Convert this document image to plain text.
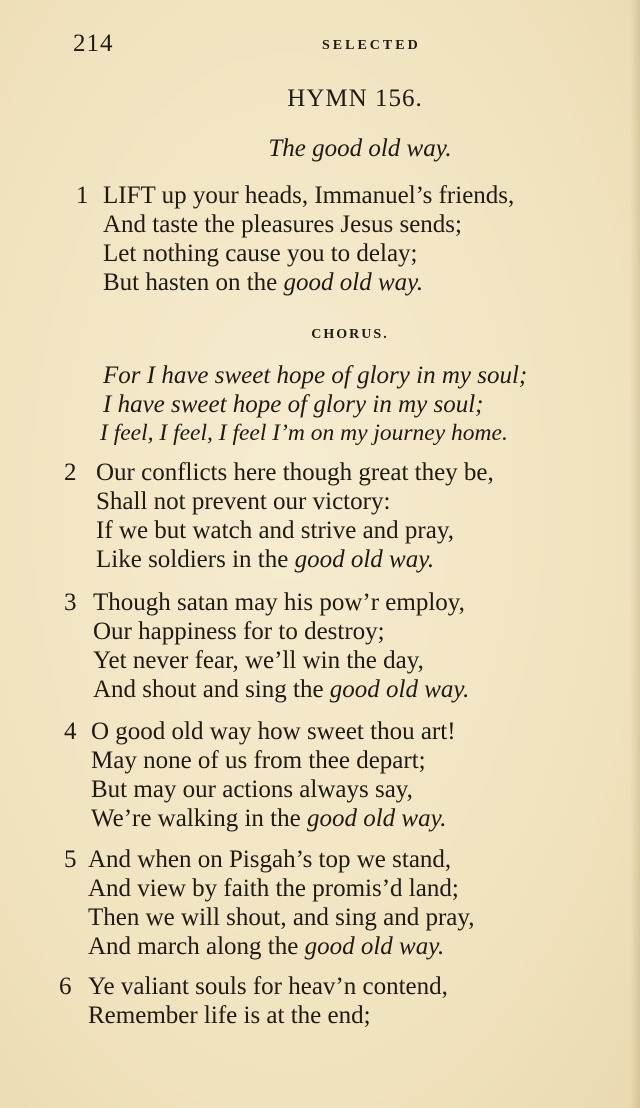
214	SELECTED
HYMN 156.
The good old way.
1 LIFT up your heads, Immanuel’s friends,
And taste the pleasures Jesus sends;
Let nothing cause you to delay;
But hasten on the good old way.
CHORUS.
For I have sweet hope of glory in my soul;
I have sweet hope of glory in my soul;
I feel, I feel, I feel I’m on my journey home.
2 Our conflicts here though great they be,
Shall not prevent our victory:
If we but watch and strive and pray,
Like soldiers in the good old way.
3 Though satan may his pow’r employ,
Our happiness for to destroy;
Yet never fear, we’ll win the day,
And shout and sing the good old way.
4 O good old way how sweet thou art!
May none of us from thee depart;
But may our actions always say,
We’re walking in the good old way.
5 And when on Pisgah’s top we stand,
And view by faith the promis’d land;
Then we will shout, and sing and pray,
And march along the good old way.
6 Ye valiant souls for heav’n contend,
Remember life is at the end;
